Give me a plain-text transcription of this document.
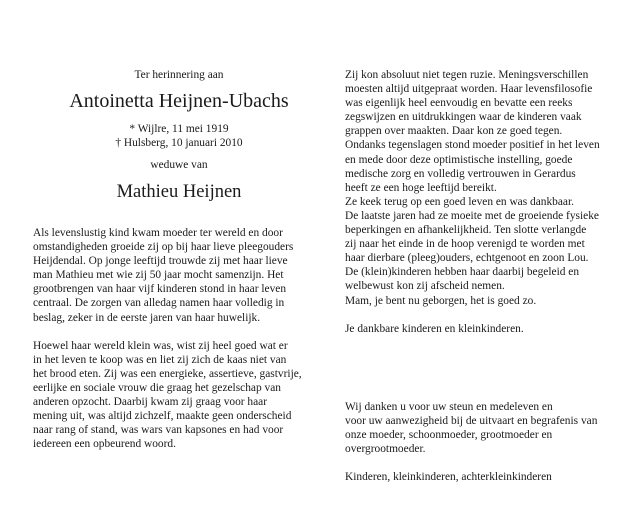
Ter herinnering aan
Antoinetta Heijnen-Ubachs
* Wijlre, 11 mei 1919
† Hulsberg, 10 januari 2010
weduwe van
Mathieu Heijnen
Als levenslustig kind kwam moeder ter wereld en door
omstandigheden groeide zij op bij haar lieve pleegouders
Heijdendal. Op jonge leeftijd trouwde zij met haar lieve
man Mathieu met wie zij 50 jaar mocht samenzijn. Het
grootbrengen van haar vijf kinderen stond in haar leven
centraal. De zorgen van alledag namen haar volledig in
beslag, zeker in de eerste jaren van haar huwelijk.
Hoewel haar wereld klein was, wist zij heel goed wat er
in het leven te koop was en liet zij zich de kaas niet van
het brood eten. Zij was een energieke, assertieve, gastvrije,
eerlijke en sociale vrouw die graag het gezelschap van
anderen opzocht. Daarbij kwam zij graag voor haar
mening uit, was altijd zichzelf, maakte geen onderscheid
naar rang of stand, was wars van kapsones en had voor
iedereen een opbeurend woord.
Zij kon absoluut niet tegen ruzie. Meningsverschillen
moesten altijd uitgepraat worden. Haar levensfilosofie
was eigenlijk heel eenvoudig en bevatte een reeks
zegswijzen en uitdrukkingen waar de kinderen vaak
grappen over maakten. Daar kon ze goed tegen.
Ondanks tegenslagen stond moeder positief in het leven
en mede door deze optimistische instelling, goede
medische zorg en volledig vertrouwen in Gerardus
heeft ze een hoge leeftijd bereikt.
Ze keek terug op een goed leven en was dankbaar.
De laatste jaren had ze moeite met de groeiende fysieke
beperkingen en afhankelijkheid. Ten slotte verlangde
zij naar het einde in de hoop verenigd te worden met
haar dierbare (pleeg)ouders, echtgenoot en zoon Lou.
De (klein)kinderen hebben haar daarbij begeleid en
welbewust kon zij afscheid nemen.
Mam, je bent nu geborgen, het is goed zo.
Je dankbare kinderen en kleinkinderen.
Wij danken u voor uw steun en medeleven en
voor uw aanwezigheid bij de uitvaart en begrafenis van
onze moeder, schoonmoeder, grootmoeder en
overgrootmoeder.
Kinderen, kleinkinderen, achterkleinkinderen
